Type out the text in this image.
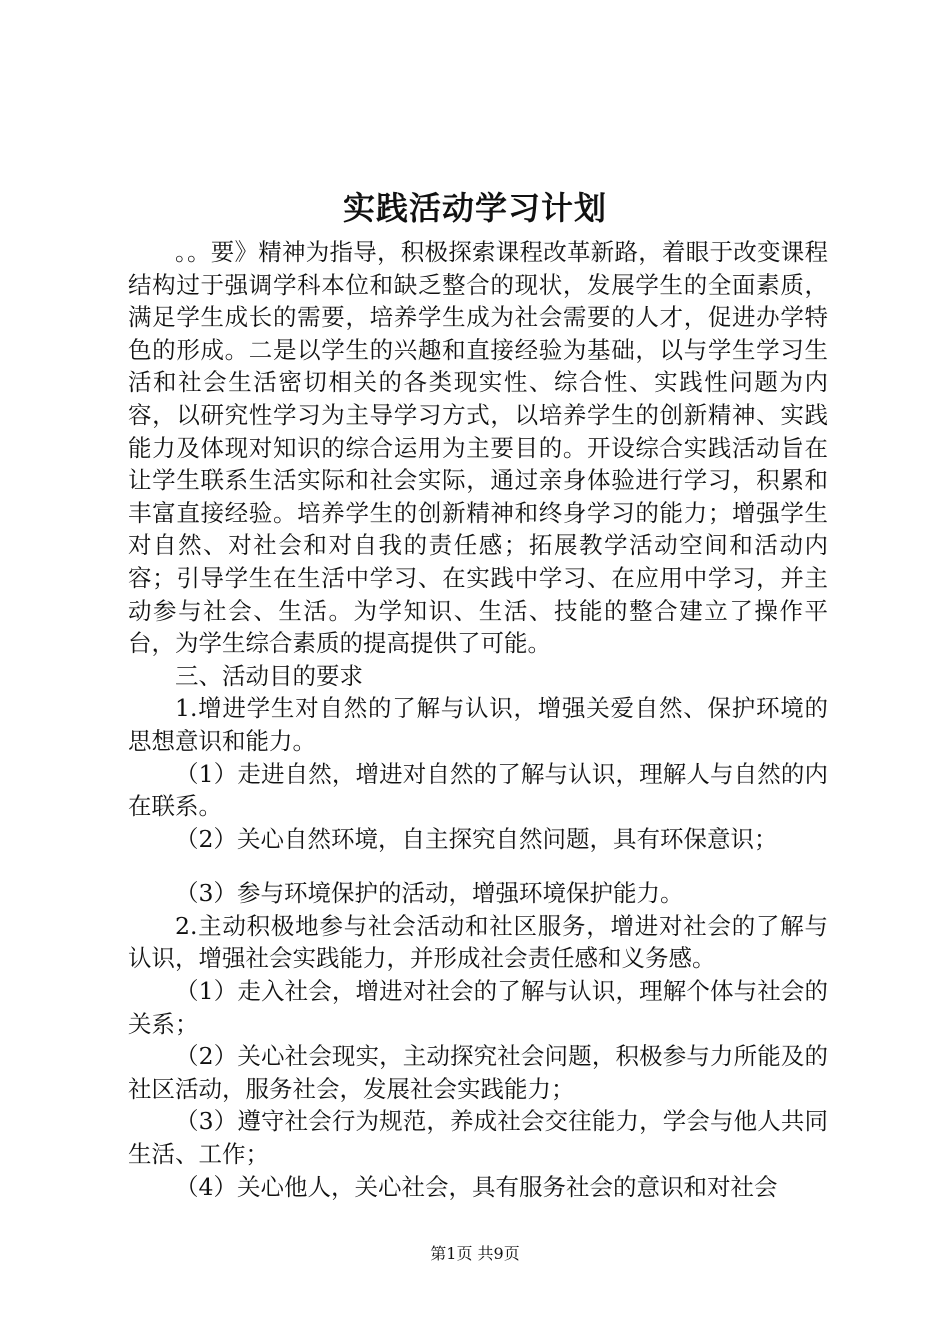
实践活动学习计划

。。要》精神为指导，积极探索课程改革新路，着眼于改变课程结构过于强调学科本位和缺乏整合的现状，发展学生的全面素质，满足学生成长的需要，培养学生成为社会需要的人才，促进办学特色的形成。二是以学生的兴趣和直接经验为基础，以与学生学习生活和社会生活密切相关的各类现实性、综合性、实践性问题为内容，以研究性学习为主导学习方式，以培养学生的创新精神、实践能力及体现对知识的综合运用为主要目的。开设综合实践活动旨在让学生联系生活实际和社会实际，通过亲身体验进行学习，积累和丰富直接经验。培养学生的创新精神和终身学习的能力；增强学生对自然、对社会和对自我的责任感；拓展教学活动空间和活动内容；引导学生在生活中学习、在实践中学习、在应用中学习，并主动参与社会、生活。为学知识、生活、技能的整合建立了操作平台，为学生综合素质的提高提供了可能。

三、活动目的要求

1.增进学生对自然的了解与认识，增强关爱自然、保护环境的思想意识和能力。

（1）走进自然，增进对自然的了解与认识，理解人与自然的内在联系。

（2）关心自然环境，自主探究自然问题，具有环保意识；

（3）参与环境保护的活动，增强环境保护能力。

2.主动积极地参与社会活动和社区服务，增进对社会的了解与认识，增强社会实践能力，并形成社会责任感和义务感。

（1）走入社会，增进对社会的了解与认识，理解个体与社会的关系；

（2）关心社会现实，主动探究社会问题，积极参与力所能及的社区活动，服务社会，发展社会实践能力；

（3）遵守社会行为规范，养成社会交往能力，学会与他人共同生活、工作；

（4）关心他人，关心社会，具有服务社会的意识和对社会

第1页 共9页
